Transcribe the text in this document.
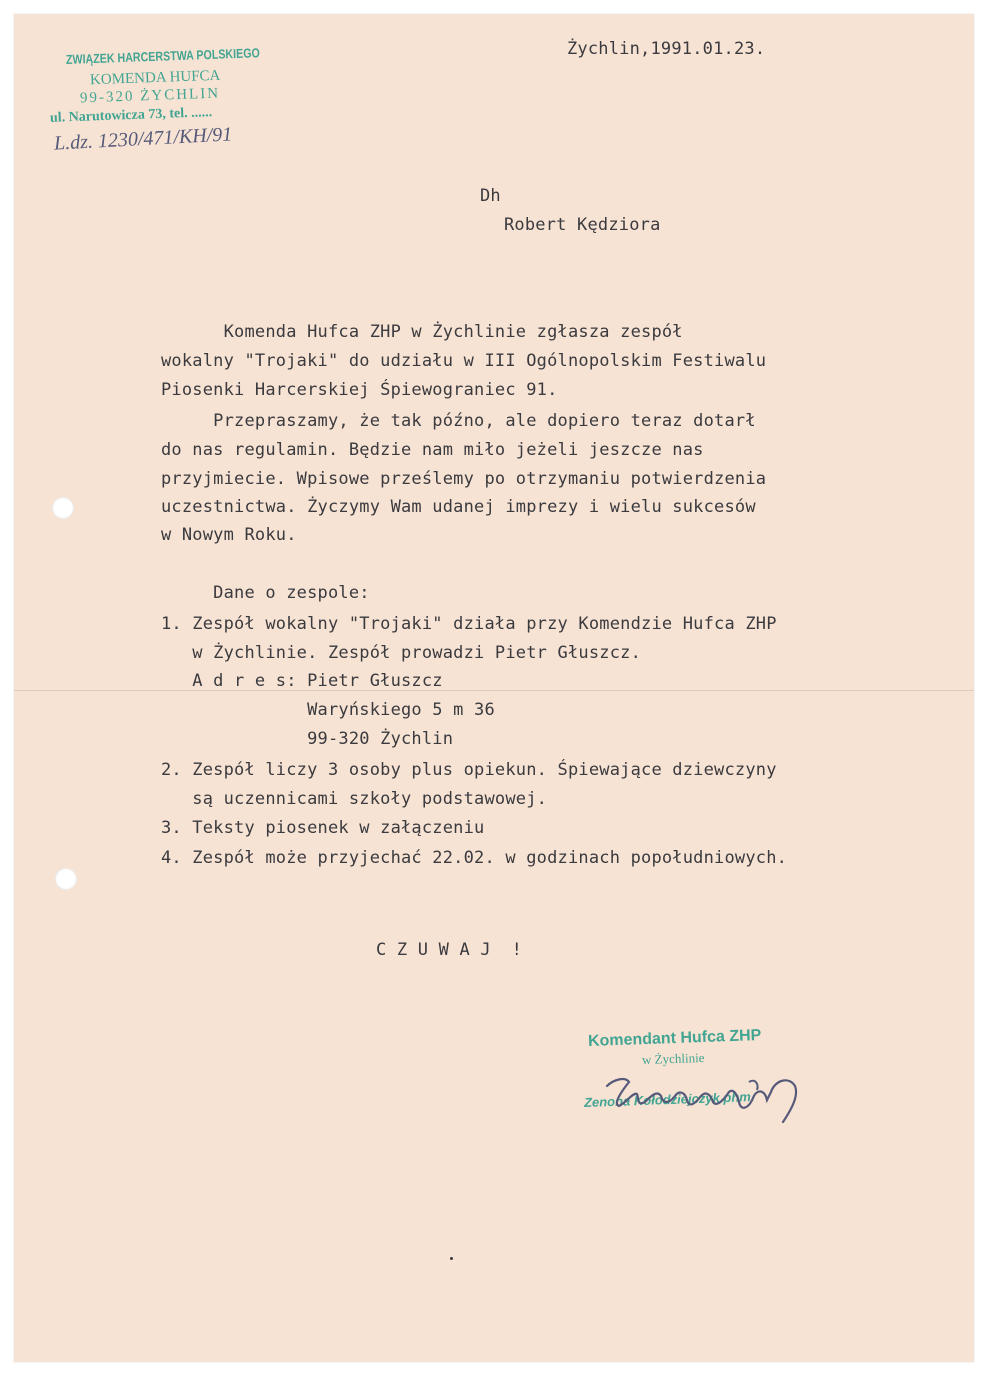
ZWIĄZEK HARCERSTWA POLSKIEGO
KOMENDA HUFCA
99-320 ŻYCHLIN
ul. Narutowicza 73, tel. ......
L.dz. 1230/471/KH/91
Żychlin,1991.01.23.
Dh
Robert Kędziora
Komenda Hufca ZHP w Żychlinie zgłasza zespół
wokalny "Trojaki" do udziału w III Ogólnopolskim Festiwalu
Piosenki Harcerskiej Śpiewograniec 91.
Przepraszamy, że tak późno, ale dopiero teraz dotarł
do nas regulamin. Będzie nam miło jeżeli jeszcze nas
przyjmiecie. Wpisowe prześlemy po otrzymaniu potwierdzenia
uczestnictwa. Życzymy Wam udanej imprezy i wielu sukcesów
w Nowym Roku.
Dane o zespole:
1. Zespół wokalny "Trojaki" działa przy Komendzie Hufca ZHP
w Żychlinie. Zespół prowadzi Pietr Głuszcz.
A d r e s: Pietr Głuszcz
Waryńskiego 5 m 36
99-320 Żychlin
2. Zespół liczy 3 osoby plus opiekun. Śpiewające dziewczyny
są uczennicami szkoły podstawowej.
3. Teksty piosenek w załączeniu
4. Zespół może przyjechać 22.02. w godzinach popołudniowych.
C Z U W A J  !
Komendant Hufca ZHP
w Żychlinie
Zenona Kołodziejczyk phm.
